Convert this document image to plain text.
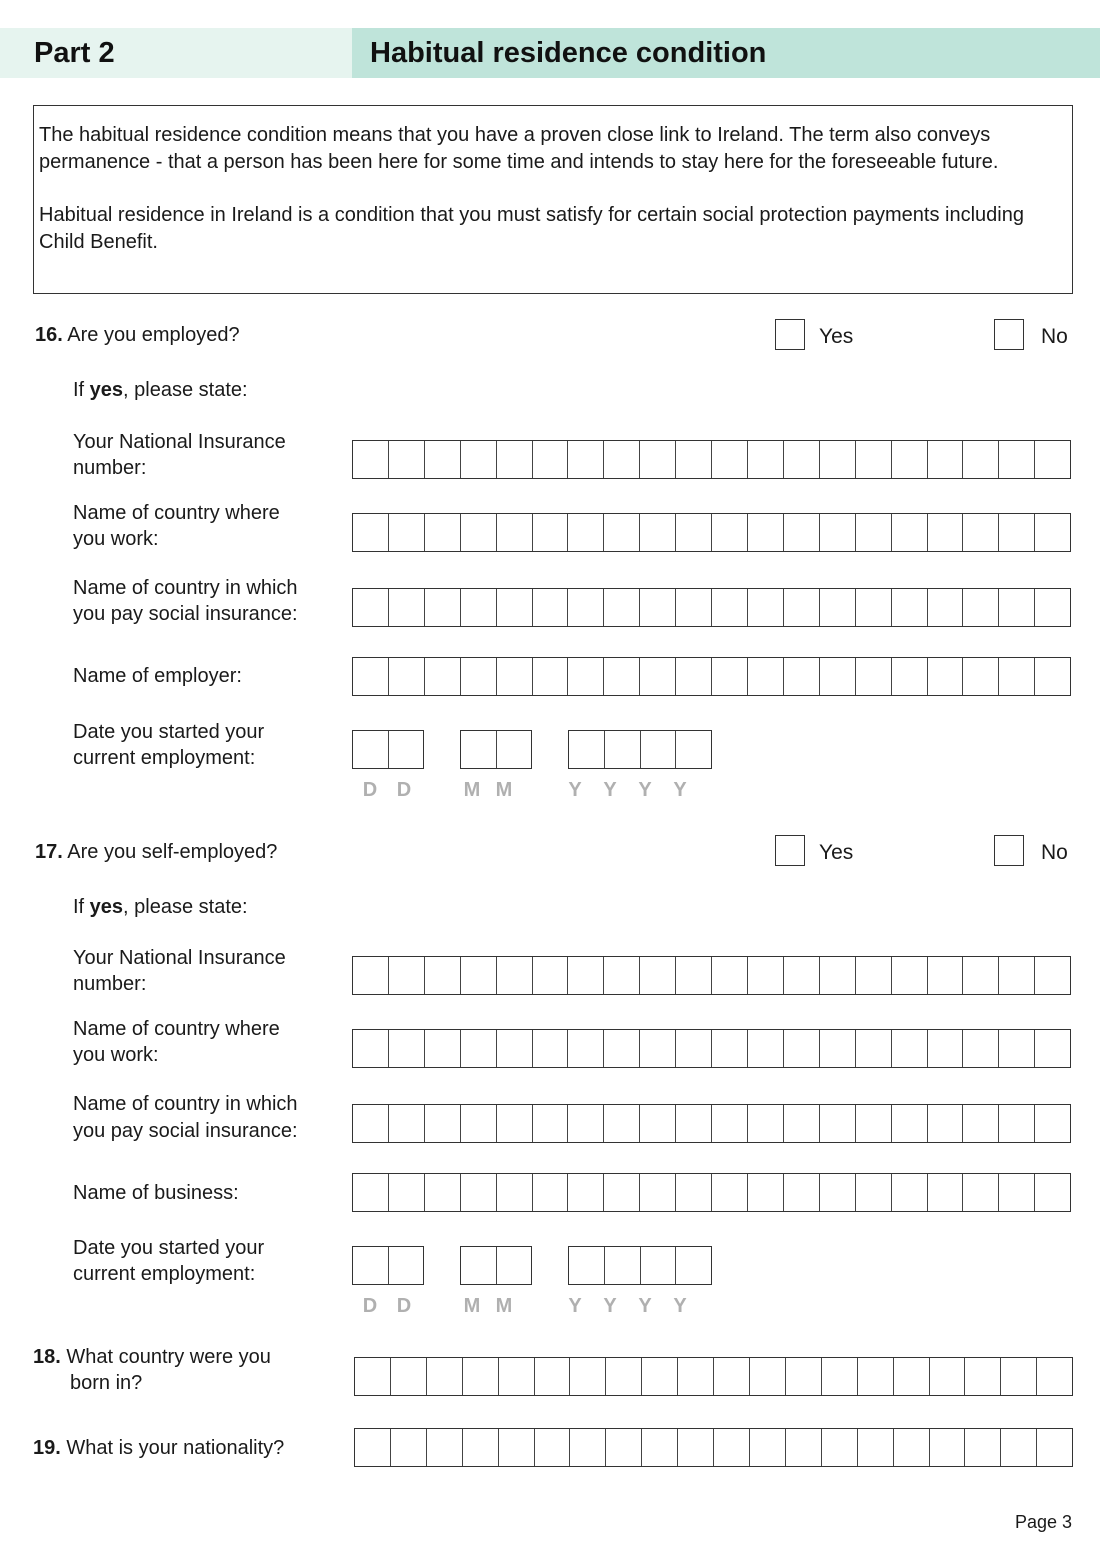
Part 2	Habitual residence condition

The habitual residence condition means that you have a proven close link to Ireland. The term also conveys permanence - that a person has been here for some time and intends to stay here for the foreseeable future.

Habitual residence in Ireland is a condition that you must satisfy for certain social protection payments including Child Benefit.

16. Are you employed?	Yes	No
If yes, please state:
Your National Insurance
number:
Name of country where
you work:
Name of country in which
you pay social insurance:
Name of employer:
Date you started your
current employment:
D D	M M	Y	Y	Y	Y
17. Are you self-employed?	Yes	No
If yes, please state:
Your National Insurance
number:
Name of country where
you work:
Name of country in which
you pay social insurance:
Name of business:
Date you started your
current employment:
D D	M M	Y	Y	Y	Y
18. What country were you
born in?
19. What is your nationality?
Page 3
